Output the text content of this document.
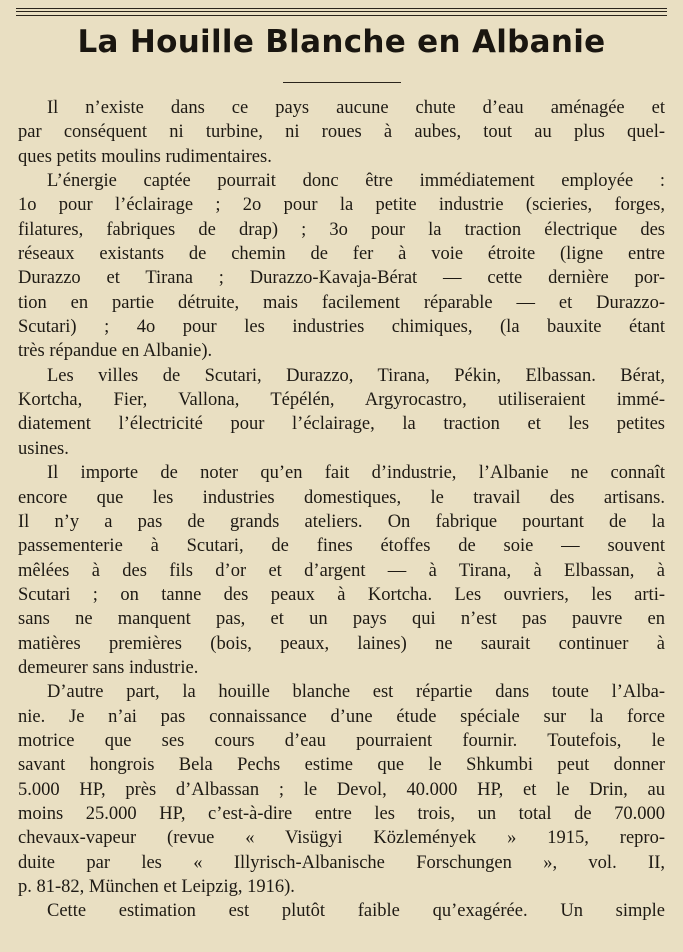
La Houille Blanche en Albanie
Il n’existe dans ce pays aucune chute d’eau aménagée et
par conséquent ni turbine, ni roues à aubes, tout au plus quel-
ques petits moulins rudimentaires.
L’énergie captée pourrait donc être immédiatement employée :
1o pour l’éclairage ; 2o pour la petite industrie (scieries, forges,
filatures, fabriques de drap) ; 3o pour la traction électrique des
réseaux existants de chemin de fer à voie étroite (ligne entre
Durazzo et Tirana ; Durazzo-Kavaja-Bérat — cette dernière por-
tion en partie détruite, mais facilement réparable — et Durazzo-
Scutari) ; 4o pour les industries chimiques, (la bauxite étant
très répandue en Albanie).
Les villes de Scutari, Durazzo, Tirana, Pékin, Elbassan. Bérat,
Kortcha, Fier, Vallona, Tépélén, Argyrocastro, utiliseraient immé-
diatement l’électricité pour l’éclairage, la traction et les petites
usines.
Il importe de noter qu’en fait d’industrie, l’Albanie ne connaît
encore que les industries domestiques, le travail des artisans.
Il n’y a pas de grands ateliers. On fabrique pourtant de la
passementerie à Scutari, de fines étoffes de soie — souvent
mêlées à des fils d’or et d’argent — à Tirana, à Elbassan, à
Scutari ; on tanne des peaux à Kortcha. Les ouvriers, les arti-
sans ne manquent pas, et un pays qui n’est pas pauvre en
matières premières (bois, peaux, laines) ne saurait continuer à
demeurer sans industrie.
D’autre part, la houille blanche est répartie dans toute l’Alba-
nie. Je n’ai pas connaissance d’une étude spéciale sur la force
motrice que ses cours d’eau pourraient fournir. Toutefois, le
savant hongrois Bela Pechs estime que le Shkumbi peut donner
5.000 HP, près d’Albassan ; le Devol, 40.000 HP, et le Drin, au
moins 25.000 HP, c’est-à-dire entre les trois, un total de 70.000
chevaux-vapeur (revue « Visügyi Közlemények » 1915, repro-
duite par les « Illyrisch-Albanische Forschungen », vol. II,
p. 81-82, München et Leipzig, 1916).
Cette estimation est plutôt faible qu’exagérée. Un simple
